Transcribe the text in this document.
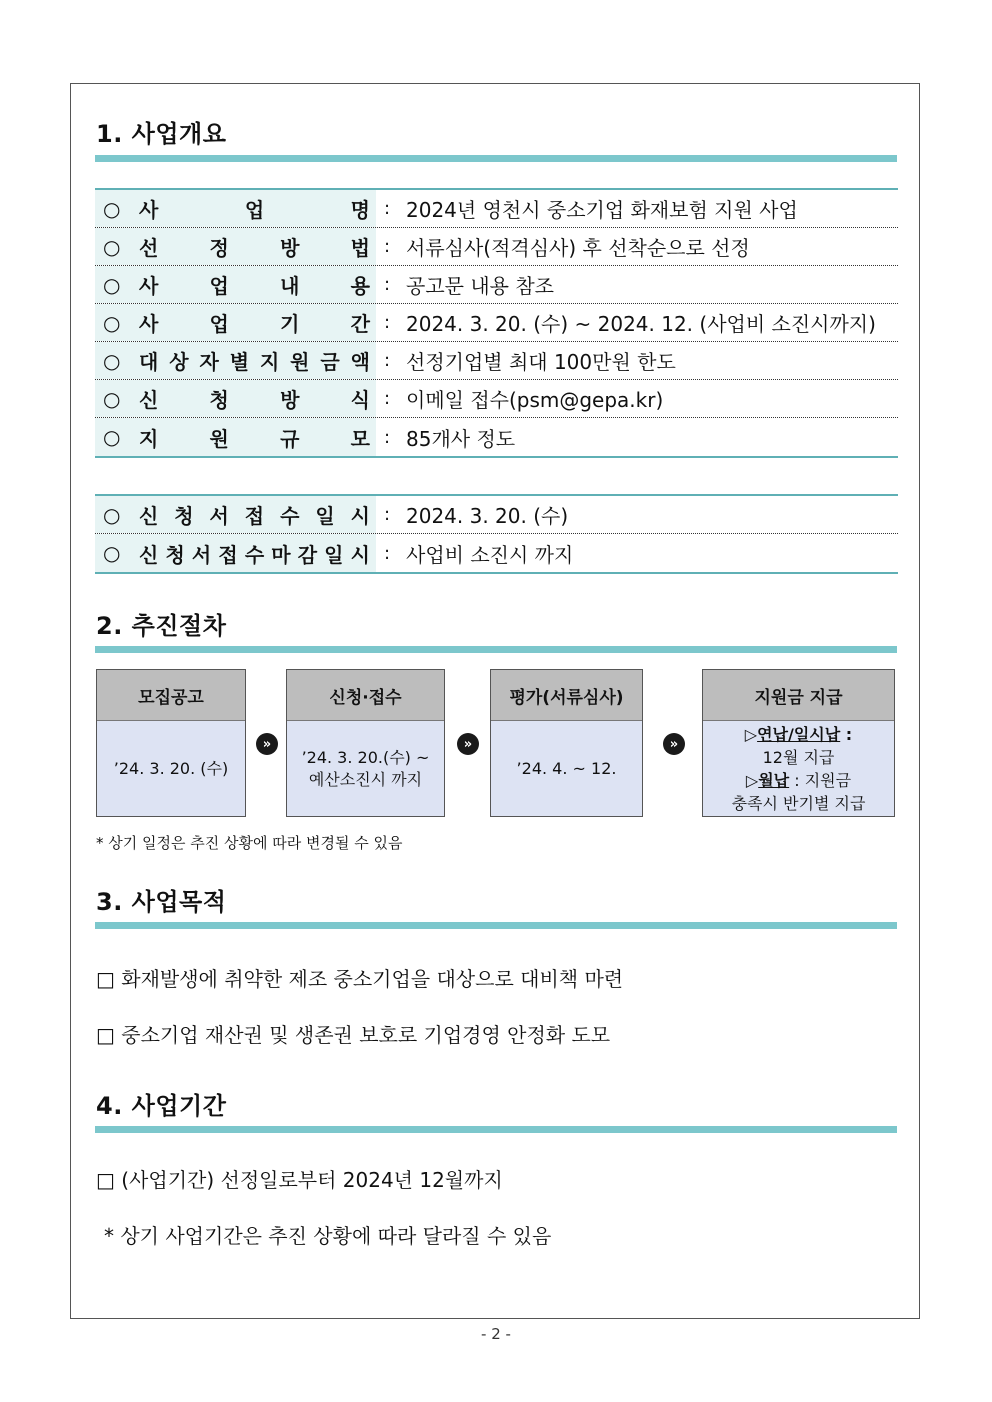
1. 사업개요
○ 사	업	명 : 2024년 영천시 중소기업 화재보험 지원 사업
○ 선	정	방	법 : 서류심사(적격심사) 후 선착순으로 선정
○ 사	업	내	용 : 공고문 내용 참조
○ 사	업	기	간 : 2024. 3. 20. (수) ~ 2024. 12. (사업비 소진시까지)
○ 대 상 자 별 지 원 금 액 : 선정기업별 최대 100만원 한도
○ 신	청	방	식 : 이메일 접수(psm@gepa.kr)
○ 지	원	규	모 : 85개사 정도
○ 신 청 서 접 수 일 시 : 2024. 3. 20. (수)
○ 신 청 서 접 수 마 감 일 시 : 사업비 소진시 까지
2. 추진절차
모집공고
’24. 3. 20. (수)
»
신청·접수
’24. 3. 20.(수) ~
예산소진시 까지
»
평가(서류심사)
’24. 4. ~ 12.
»
지원금 지급
▷연납/일시납 :
12월 지급
▷월납 : 지원금
충족시 반기별 지급
* 상기 일정은 추진 상황에 따라 변경될 수 있음
3. 사업목적
□ 화재발생에 취약한 제조 중소기업을 대상으로 대비책 마련
□ 중소기업 재산권 및 생존권 보호로 기업경영 안정화 도모
4. 사업기간
□ (사업기간) 선정일로부터 2024년 12월까지
* 상기 사업기간은 추진 상황에 따라 달라질 수 있음
- 2 -
